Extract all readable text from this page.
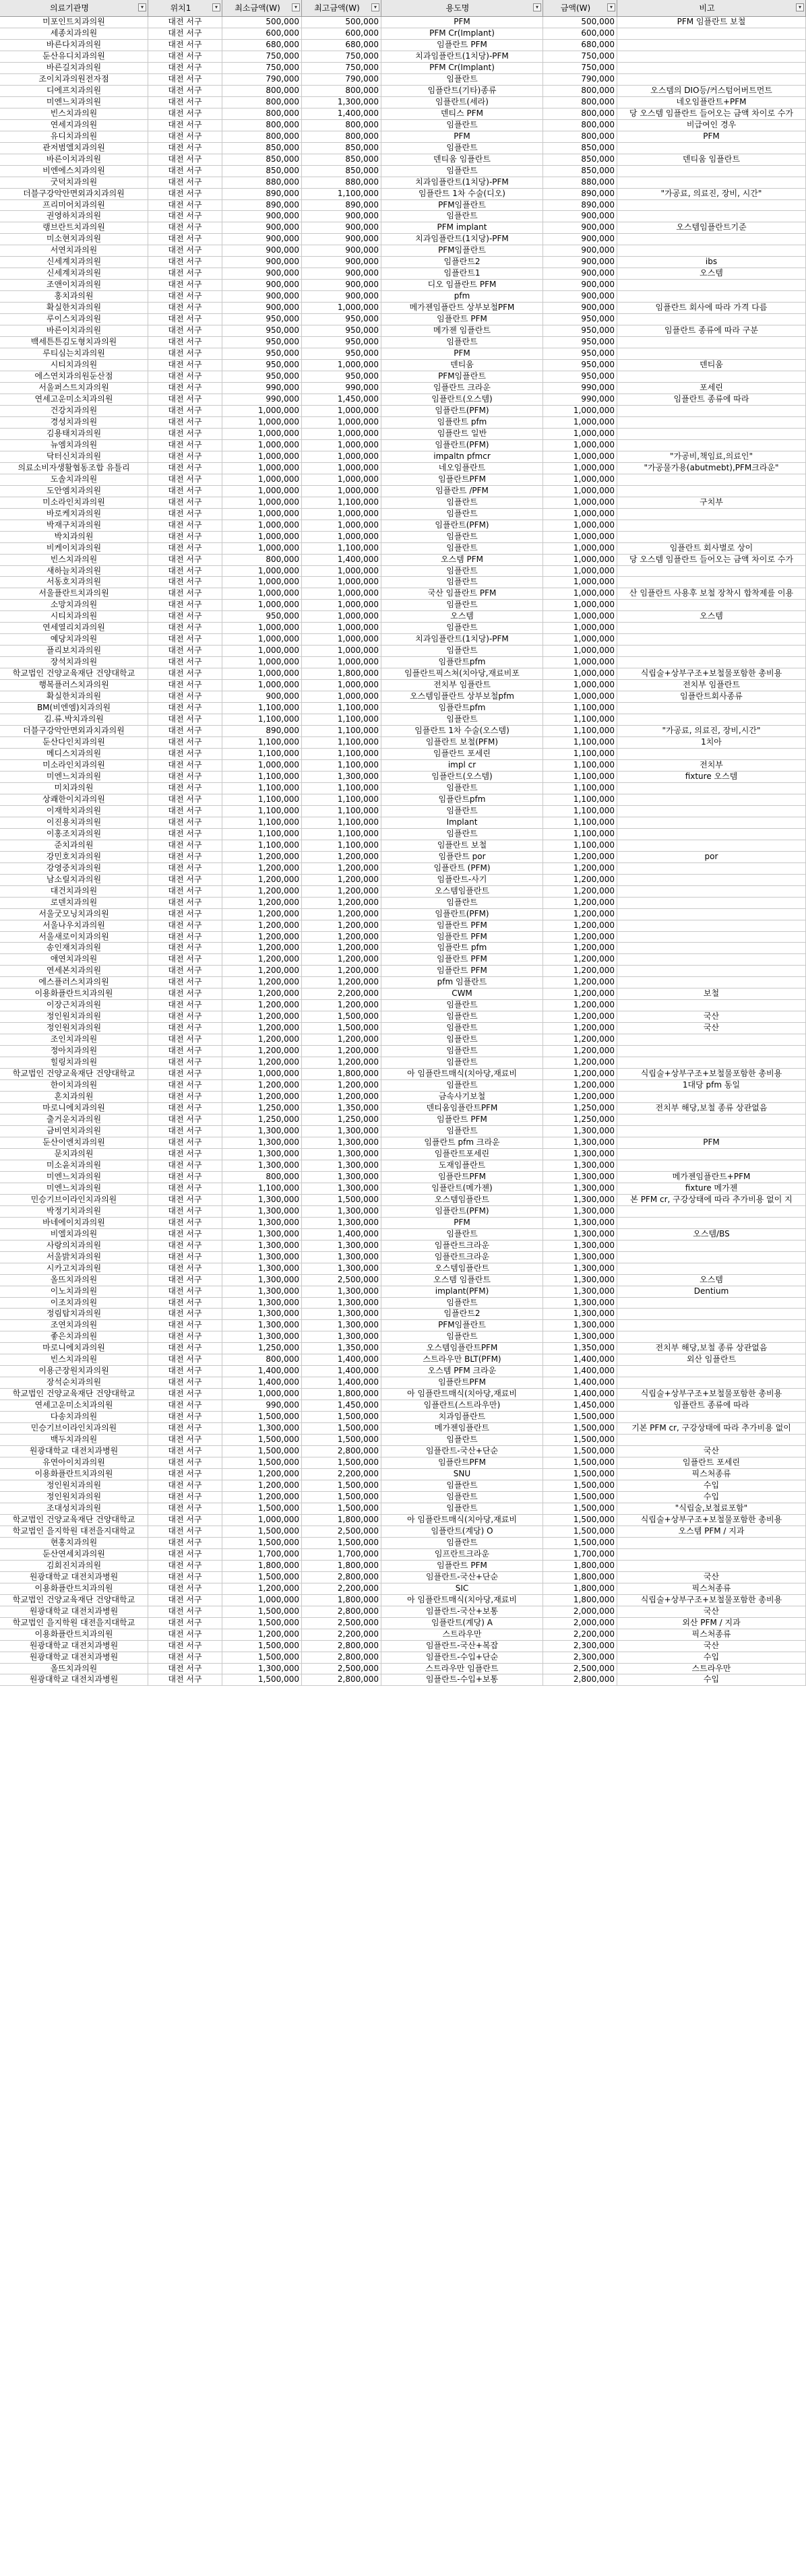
의료기관명	▾	위치1	▾	최소금액(W)	▾	최고금액(W)	▾	용도명	▾	금액(W)	▾	비고	▾
미포인트치과의원	대전 서구	500,000	500,000	PFM	500,000	PFM 임플란트 보철
세종치과의원	대전 서구	600,000	600,000	PFM Cr(Implant)	600,000
바른다치과의원	대전 서구	680,000	680,000	임플란트 PFM	680,000
둔산유디치과의원	대전 서구	750,000	750,000	치과임플란트(1치당)-PFM	750,000
바른길치과의원	대전 서구	750,000	750,000	PFM Cr(Implant)	750,000
조이치과의원전자점	대전 서구	790,000	790,000	임플란트	790,000
디에프치과의원	대전 서구	800,000	800,000	임플란트(기타)종류	800,000	오스템의 DIO등/커스텀어버트먼트
미엔느치과의원	대전 서구	800,000	1,300,000	임플란트(세라)	800,000	네오임플란트+PFM
빈스치과의원	대전 서구	800,000	1,400,000	덴티스 PFM	800,000	당 오스템 임플란트 들어오는 금액 차이로 수가
연세지과의원	대전 서구	800,000	800,000	임플란트	800,000	비급여인 경우
유디치과의원	대전 서구	800,000	800,000	PFM	800,000	PFM
관저범엘치과의원	대전 서구	850,000	850,000	임플란트	850,000
바른이치과의원	대전 서구	850,000	850,000	덴티움 임플란트	850,000	덴티움 임플란트
비엔에스치과의원	대전 서구	850,000	850,000	임플란트	850,000
굿덕치과의원	대전 서구	880,000	880,000	치과임플란트(1치당)-PFM	880,000
더블구강악안면외과치과의원	대전 서구	890,000	1,100,000	임플란트 1차 수술(디오)	890,000	"가공료, 의료진, 장비, 시간"
프리미어치과의원	대전 서구	890,000	890,000	PFM임플란트	890,000
권영하치과의원	대전 서구	900,000	900,000	임플란트	900,000
랭브란트치과의원	대전 서구	900,000	900,000	PFM implant	900,000	오스템임플란트기준
미소현치과의원	대전 서구	900,000	900,000	치과임플란트(1치당)-PFM	900,000
서연치과의원	대전 서구	900,000	900,000	PFM임플란트	900,000
신세계치과의원	대전 서구	900,000	900,000	임플란트2	900,000	ibs
신세계치과의원	대전 서구	900,000	900,000	임플란트1	900,000	오스템
조앤이치과의원	대전 서구	900,000	900,000	디오 임플란트 PFM	900,000
홍치과의원	대전 서구	900,000	900,000	pfm	900,000
확실한치과의원	대전 서구	900,000	1,000,000	메가젠임플란트 상부보철PFM	900,000	임플란트 회사에 따라 가격 다름
루이스치과의원	대전 서구	950,000	950,000	임플란트 PFM	950,000
바른이치과의원	대전 서구	950,000	950,000	메가젠 임플란트	950,000	임플란트 종류에 따라 구분
백세튼튼김도형치과의원	대전 서구	950,000	950,000	임플란트	950,000
루티심는치과의원	대전 서구	950,000	950,000	PFM	950,000
시티치과의원	대전 서구	950,000	1,000,000	덴티움	950,000	덴티움
에스연치과의원둔산점	대전 서구	950,000	950,000	PFM임플란트	950,000
서울퍼스트치과의원	대전 서구	990,000	990,000	임플란트 크라운	990,000	포세린
연세고운미소치과의원	대전 서구	990,000	1,450,000	임플란트(오스템)	990,000	임플란트 종류에 따라
건강치과의원	대전 서구	1,000,000	1,000,000	임플란트(PFM)	1,000,000
경성치과의원	대전 서구	1,000,000	1,000,000	임플란트 pfm	1,000,000
김용태치과의원	대전 서구	1,000,000	1,000,000	임플란트 일반	1,000,000
뉴엠치과의원	대전 서구	1,000,000	1,000,000	임플란트(PFM)	1,000,000
닥터신치과의원	대전 서구	1,000,000	1,000,000	impaltn pfmcr	1,000,000	"가공비,책임료,의료인"
의료소비자생활협동조합 유틀리	대전 서구	1,000,000	1,000,000	네오임플란트	1,000,000	"가공물가용(abutmebt),PFM크라운"
도솔치과의원	대전 서구	1,000,000	1,000,000	임플란트PFM	1,000,000
도안엠치과의원	대전 서구	1,000,000	1,000,000	임플란트 /PFM	1,000,000
미소라인치과의원	대전 서구	1,000,000	1,100,000	임플란트	1,000,000	구치부
바로케치과의원	대전 서구	1,000,000	1,000,000	임플란트	1,000,000
박재구치과의원	대전 서구	1,000,000	1,000,000	임플란트(PFM)	1,000,000
박치과의원	대전 서구	1,000,000	1,000,000	임플란트	1,000,000
비케이치과의원	대전 서구	1,000,000	1,100,000	임플란트	1,000,000	임플란트 회사별로 상이
빈스치과의원	대전 서구	800,000	1,400,000	오스템 PFM	1,000,000	당 오스템 임플란트 들어오는 금액 차이로 수가
새하늘치과의원	대전 서구	1,000,000	1,000,000	임플란트	1,000,000
서동호치과의원	대전 서구	1,000,000	1,000,000	임플란트	1,000,000
서울플란트치과의원	대전 서구	1,000,000	1,000,000	국산 임플란트 PFM	1,000,000	산 임플란트 사용후 보철 장착시 합착제를 이용
소망치과의원	대전 서구	1,000,000	1,000,000	임플란트	1,000,000
시티치과의원	대전 서구	950,000	1,000,000	오스템	1,000,000	오스템
연세열리치과의원	대전 서구	1,000,000	1,000,000	임플란트	1,000,000
예당치과의원	대전 서구	1,000,000	1,000,000	치과임플란트(1치당)-PFM	1,000,000
플리보치과의원	대전 서구	1,000,000	1,000,000	임플란트	1,000,000
장석치과의원	대전 서구	1,000,000	1,000,000	임플란트pfm	1,000,000
학교법인 건양교육재단 건양대학교	대전 서구	1,000,000	1,800,000	임플란트픽스쳐(치아당,재료비포	1,000,000	식립술+상부구조+보철물포함한 총비용
행복플러스치과의원	대전 서구	1,000,000	1,000,000	전치부 임플란트	1,000,000	전치부 임플란트
확실한치과의원	대전 서구	900,000	1,000,000	오스템임플란트 상부보철pfm	1,000,000	임플란트회사종류
BM(비엔엠)치과의원	대전 서구	1,100,000	1,100,000	임플란트pfm	1,100,000
김.류.박치과의원	대전 서구	1,100,000	1,100,000	임플란트	1,100,000
더블구강악안면외과치과의원	대전 서구	890,000	1,100,000	임플란트 1차 수술(오스템)	1,100,000	"가공료, 의료진, 장비,시간"
둔산다인치과의원	대전 서구	1,100,000	1,100,000	임플란트 보철(PFM)	1,100,000	1치아
메디스치과의원	대전 서구	1,100,000	1,100,000	임플란트 포세린	1,100,000
미소라인치과의원	대전 서구	1,000,000	1,100,000	impl cr	1,100,000	전치부
미엔느치과의원	대전 서구	1,100,000	1,300,000	임플란트(오스템)	1,100,000	fixture 오스템
미치과의원	대전 서구	1,100,000	1,100,000	임플란트	1,100,000
상쾌한이치과의원	대전 서구	1,100,000	1,100,000	임플란트pfm	1,100,000
이재학치과의원	대전 서구	1,100,000	1,100,000	임플란트	1,100,000
이진용치과의원	대전 서구	1,100,000	1,100,000	Implant	1,100,000
이홍조치과의원	대전 서구	1,100,000	1,100,000	임플란트	1,100,000
준치과의원	대전 서구	1,100,000	1,100,000	임플란트 보철	1,100,000
강민호치과의원	대전 서구	1,200,000	1,200,000	임플란트 por	1,200,000	por
강영중치과의원	대전 서구	1,200,000	1,200,000	임플란트 (PFM)	1,200,000
남소릴치과의원	대전 서구	1,200,000	1,200,000	임플란트-사기	1,200,000
대건치과의원	대전 서구	1,200,000	1,200,000	오스템임플란트	1,200,000
로덴치과의원	대전 서구	1,200,000	1,200,000	임플란트	1,200,000
서울굿모닝치과의원	대전 서구	1,200,000	1,200,000	임플란트(PFM)	1,200,000
서울나우치과의원	대전 서구	1,200,000	1,200,000	임플란트 PFM	1,200,000
서울새로이치과의원	대전 서구	1,200,000	1,200,000	임플란트 PFM	1,200,000
송인재치과의원	대전 서구	1,200,000	1,200,000	임플란트 pfm	1,200,000
애연치과의원	대전 서구	1,200,000	1,200,000	임플란트 PFM	1,200,000
연세본치과의원	대전 서구	1,200,000	1,200,000	임플란트 PFM	1,200,000
에스플러스치과의원	대전 서구	1,200,000	1,200,000	pfm 임플란트	1,200,000
이용화플란트치과의원	대전 서구	1,200,000	2,200,000	CWM	1,200,000	보철
이장근치과의원	대전 서구	1,200,000	1,200,000	임플란트	1,200,000
정인원치과의원	대전 서구	1,200,000	1,500,000	임플란트	1,200,000	국산
정인원치과의원	대전 서구	1,200,000	1,500,000	임플란트	1,200,000	국산
조인치과의원	대전 서구	1,200,000	1,200,000	임플란트	1,200,000
정아치과의원	대전 서구	1,200,000	1,200,000	임플란트	1,200,000
힐링치과의원	대전 서구	1,200,000	1,200,000	임플란트	1,200,000
학교법인 건양교육재단 건양대학교	대전 서구	1,000,000	1,800,000	아 임플란트매식(치아당,재료비	1,200,000	식립술+상부구조+보철물포함한 총비용
한이치과의원	대전 서구	1,200,000	1,200,000	임플란트	1,200,000	1대당 pfm 동일
혼치과의원	대전 서구	1,200,000	1,200,000	금속사기보철	1,200,000
마로니에치과의원	대전 서구	1,250,000	1,350,000	덴티움임플란트PFM	1,250,000	전치부 해당,보철 종류 상관없음
출거운치과의원	대전 서구	1,250,000	1,250,000	임플란트 PFM	1,250,000
금비연치과의원	대전 서구	1,300,000	1,300,000	임플란트	1,300,000
둔산이엔치과의원	대전 서구	1,300,000	1,300,000	임플란트 pfm 크라운	1,300,000	PFM
문치과의원	대전 서구	1,300,000	1,300,000	임플란트포세린	1,300,000
미소윤치과의원	대전 서구	1,300,000	1,300,000	도재임플란트	1,300,000
미엔느치과의원	대전 서구	800,000	1,300,000	임플란트PFM	1,300,000	메가젠임플란트+PFM
미엔느치과의원	대전 서구	1,100,000	1,300,000	임플란트(메가젠)	1,300,000	fixture 메가젠
민승기브이라인치과의원	대전 서구	1,300,000	1,500,000	오스템임플란트	1,300,000	본 PFM cr, 구강상태에 따라 추가비용 없이 지
박정기치과의원	대전 서구	1,300,000	1,300,000	임플란트(PFM)	1,300,000
바네에이치과의원	대전 서구	1,300,000	1,300,000	PFM	1,300,000
비엘치과의원	대전 서구	1,300,000	1,400,000	임플란트	1,300,000	오스템/BS
사랑의치과의원	대전 서구	1,300,000	1,300,000	임플란트크라운	1,300,000
서울밝치과의원	대전 서구	1,300,000	1,300,000	임플란트크라운	1,300,000
시카고치과의원	대전 서구	1,300,000	1,300,000	오스템임플란트	1,300,000
올뜨치과의원	대전 서구	1,300,000	2,500,000	오스템 임플란트	1,300,000	오스템
이노치과의원	대전 서구	1,300,000	1,300,000	implant(PFM)	1,300,000	Dentium
이조치과의원	대전 서구	1,300,000	1,300,000	임플란트	1,300,000
정림탑치과의원	대전 서구	1,300,000	1,300,000	임플란트2	1,300,000
조연치과의원	대전 서구	1,300,000	1,300,000	PFM임플란트	1,300,000
좋은치과의원	대전 서구	1,300,000	1,300,000	임플란트	1,300,000
마로니에치과의원	대전 서구	1,250,000	1,350,000	오스템임플란트PFM	1,350,000	전치부 해당,보철 종류 상관없음
빈스치과의원	대전 서구	800,000	1,400,000	스트라우만 BLT(PFM)	1,400,000	외산 임플란트
이용근장원치과의원	대전 서구	1,400,000	1,400,000	오스템 PFM 크라운	1,400,000
장석순치과의원	대전 서구	1,400,000	1,400,000	임플란트PFM	1,400,000
학교법인 건양교육재단 건양대학교	대전 서구	1,000,000	1,800,000	아 임플란트매식(치아당,재료비	1,400,000	식립술+상부구조+보철물포함한 총비용
연세고운미소치과의원	대전 서구	990,000	1,450,000	임플란트(스트라우만)	1,450,000	임플란트 종류에 따라
다송치과의원	대전 서구	1,500,000	1,500,000	치과임플란트	1,500,000
민승기브이라인치과의원	대전 서구	1,300,000	1,500,000	메가젠임플란트	1,500,000	기본 PFM cr, 구강상태에 따라 추가비용 없이
백두치과의원	대전 서구	1,500,000	1,500,000	임플란트	1,500,000
원광대학교 대전치과병원	대전 서구	1,500,000	2,800,000	임플란트-국산+단순	1,500,000	국산
유연아이치과의원	대전 서구	1,500,000	1,500,000	임플란트PFM	1,500,000	임플란트 포세린
이용화플란트치과의원	대전 서구	1,200,000	2,200,000	SNU	1,500,000	픽스처종류
정인원치과의원	대전 서구	1,200,000	1,500,000	임플란트	1,500,000	수입
정인원치과의원	대전 서구	1,200,000	1,500,000	임플란트	1,500,000	수입
조대성치과의원	대전 서구	1,500,000	1,500,000	임플란트	1,500,000	"식립술,보철료포함"
학교법인 건양교육재단 건양대학교	대전 서구	1,000,000	1,800,000	아 임플란트매식(치아당,재료비	1,500,000	식립술+상부구조+보철물포함한 총비용
학교법인 을지학원 대전을지대학교	대전 서구	1,500,000	2,500,000	임플란트(계당) O	1,500,000	오스템 PFM / 지과
현홍치과의원	대전 서구	1,500,000	1,500,000	임플란트	1,500,000
둔산연세치과의원	대전 서구	1,700,000	1,700,000	임프란트크라운	1,700,000
김회진치과의원	대전 서구	1,800,000	1,800,000	임플란트 PFM	1,800,000
원광대학교 대전치과병원	대전 서구	1,500,000	2,800,000	임플란트-국산+단순	1,800,000	국산
이용화플란트치과의원	대전 서구	1,200,000	2,200,000	SIC	1,800,000	픽스처종류
학교법인 건양교육재단 건양대학교	대전 서구	1,000,000	1,800,000	아 임플란트매식(치아당,재료비	1,800,000	식립술+상부구조+보철물포함한 총비용
원광대학교 대전치과병원	대전 서구	1,500,000	2,800,000	임플란트-국산+보통	2,000,000	국산
학교법인 을지학원 대전을지대학교	대전 서구	1,500,000	2,500,000	임플란트(계당) A	2,000,000	외산 PFM / 지과
이용화플란트치과의원	대전 서구	1,200,000	2,200,000	스트라우만	2,200,000	픽스처종류
원광대학교 대전치과병원	대전 서구	1,500,000	2,800,000	임플란트-국산+복잡	2,300,000	국산
원광대학교 대전치과병원	대전 서구	1,500,000	2,800,000	임플란트-수입+단순	2,300,000	수입
올뜨치과의원	대전 서구	1,300,000	2,500,000	스트라우만 임플란트	2,500,000	스트라우만
원광대학교 대전치과병원	대전 서구	1,500,000	2,800,000	임플란트-수입+보통	2,800,000	수입
